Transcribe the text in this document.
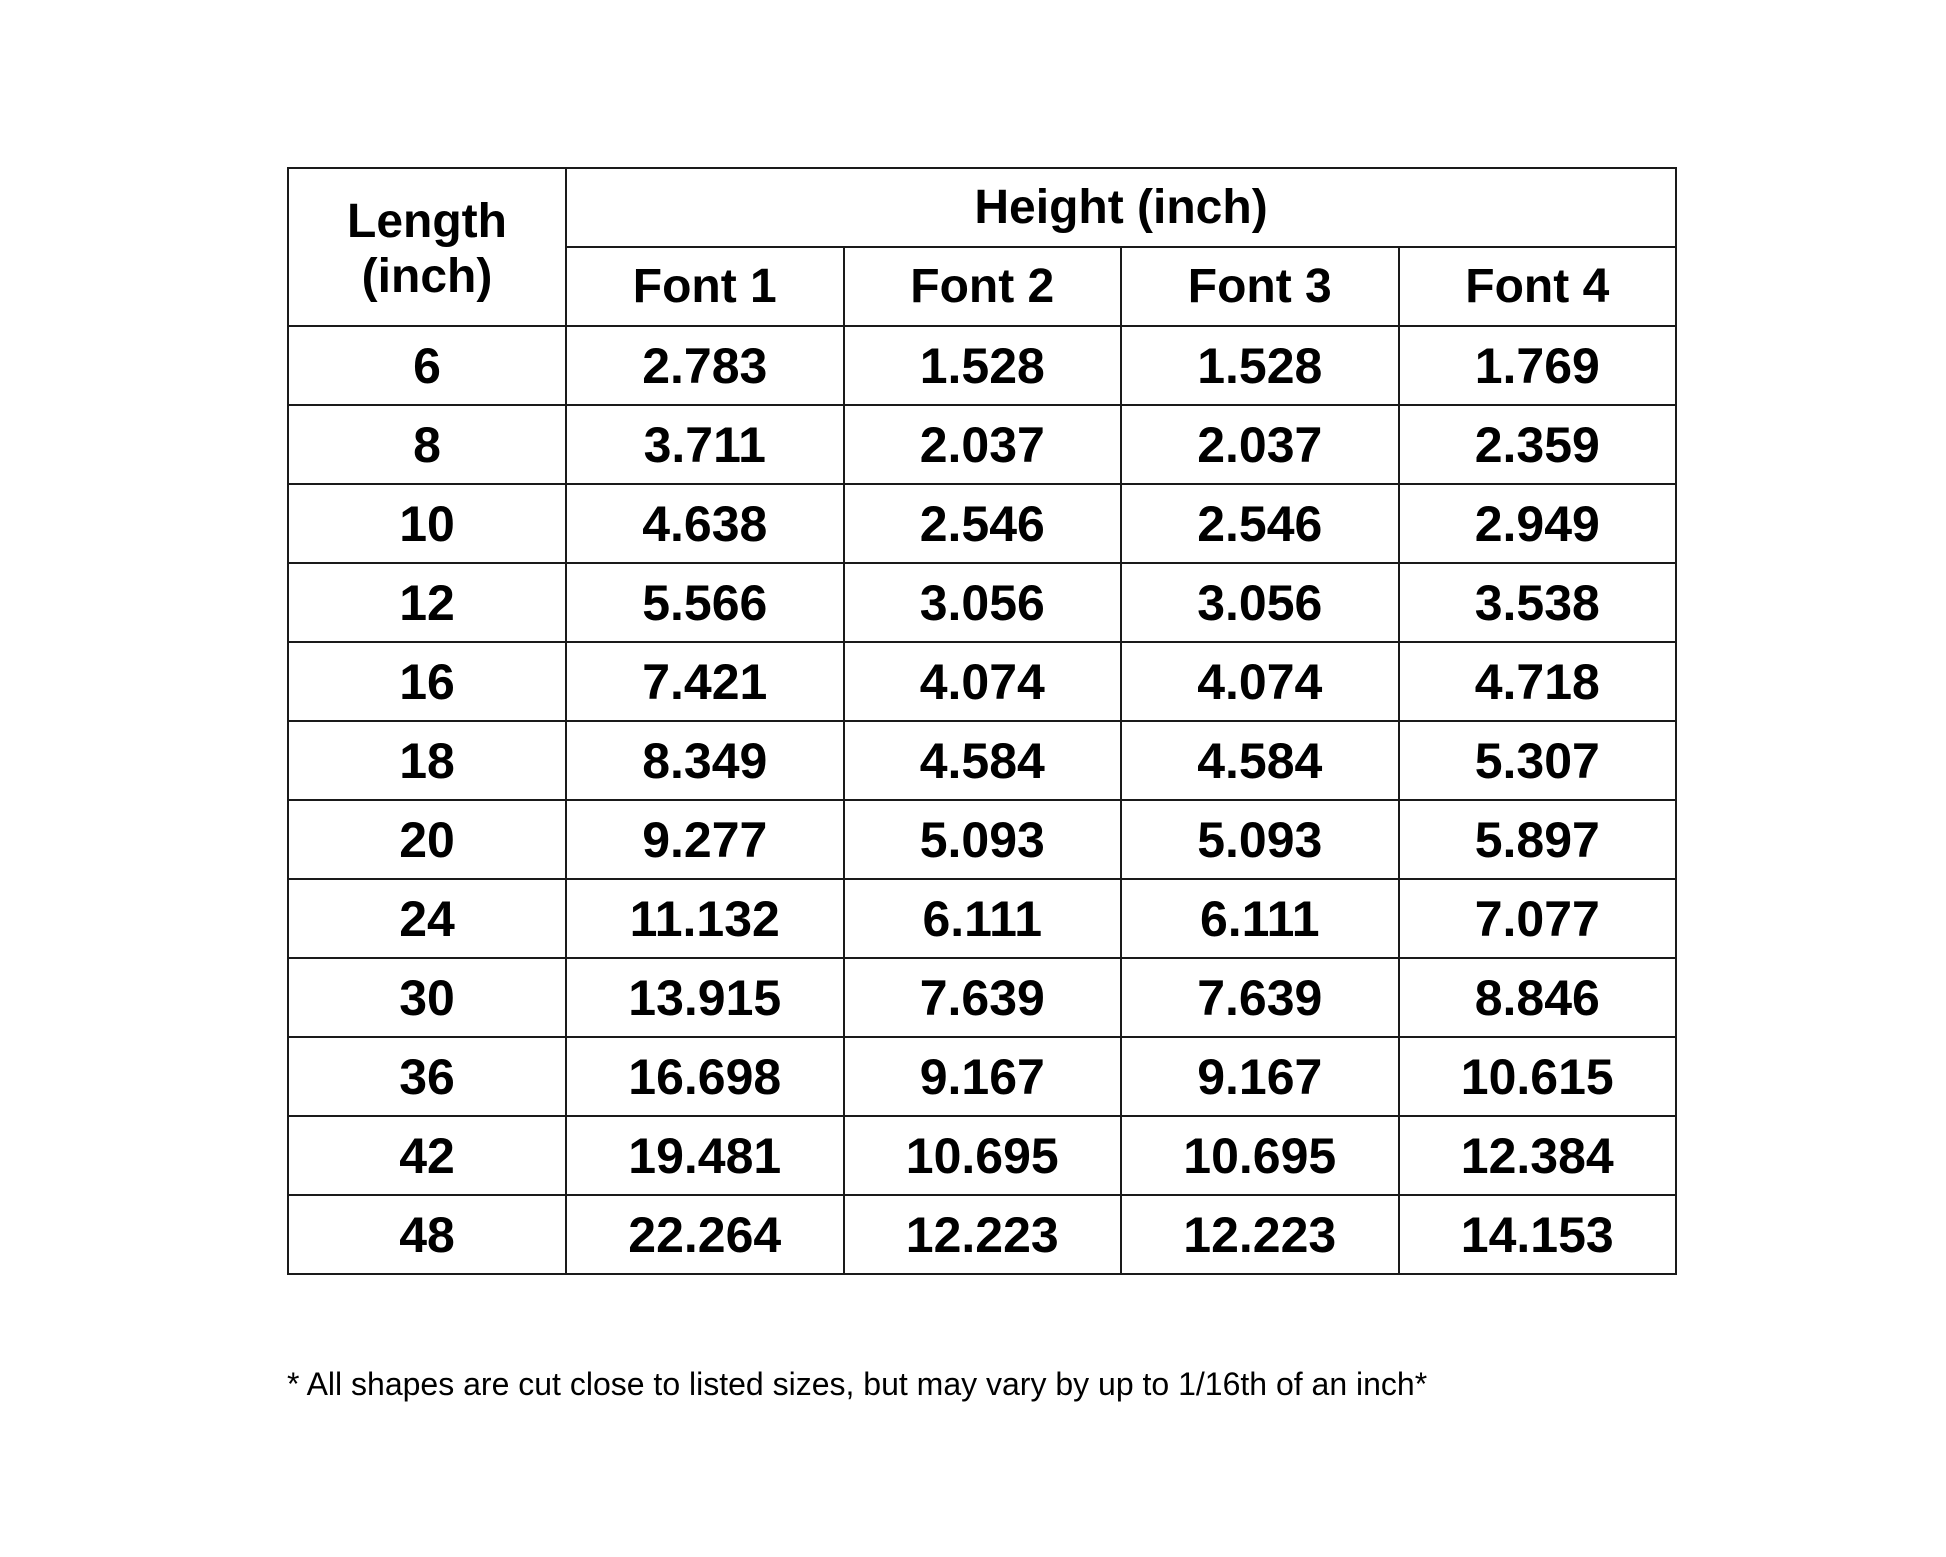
Length
(inch)	Height (inch)			
	Font 1	Font 2	Font 3	Font 4
6	2.783	1.528	1.528	1.769
8	3.711	2.037	2.037	2.359
10	4.638	2.546	2.546	2.949
12	5.566	3.056	3.056	3.538
16	7.421	4.074	4.074	4.718
18	8.349	4.584	4.584	5.307
20	9.277	5.093	5.093	5.897
24	11.132	6.111	6.111	7.077
30	13.915	7.639	7.639	8.846
36	16.698	9.167	9.167	10.615
42	19.481	10.695	10.695	12.384
48	22.264	12.223	12.223	14.153
* All shapes are cut close to listed sizes, but may vary by up to 1/16th of an inch*
